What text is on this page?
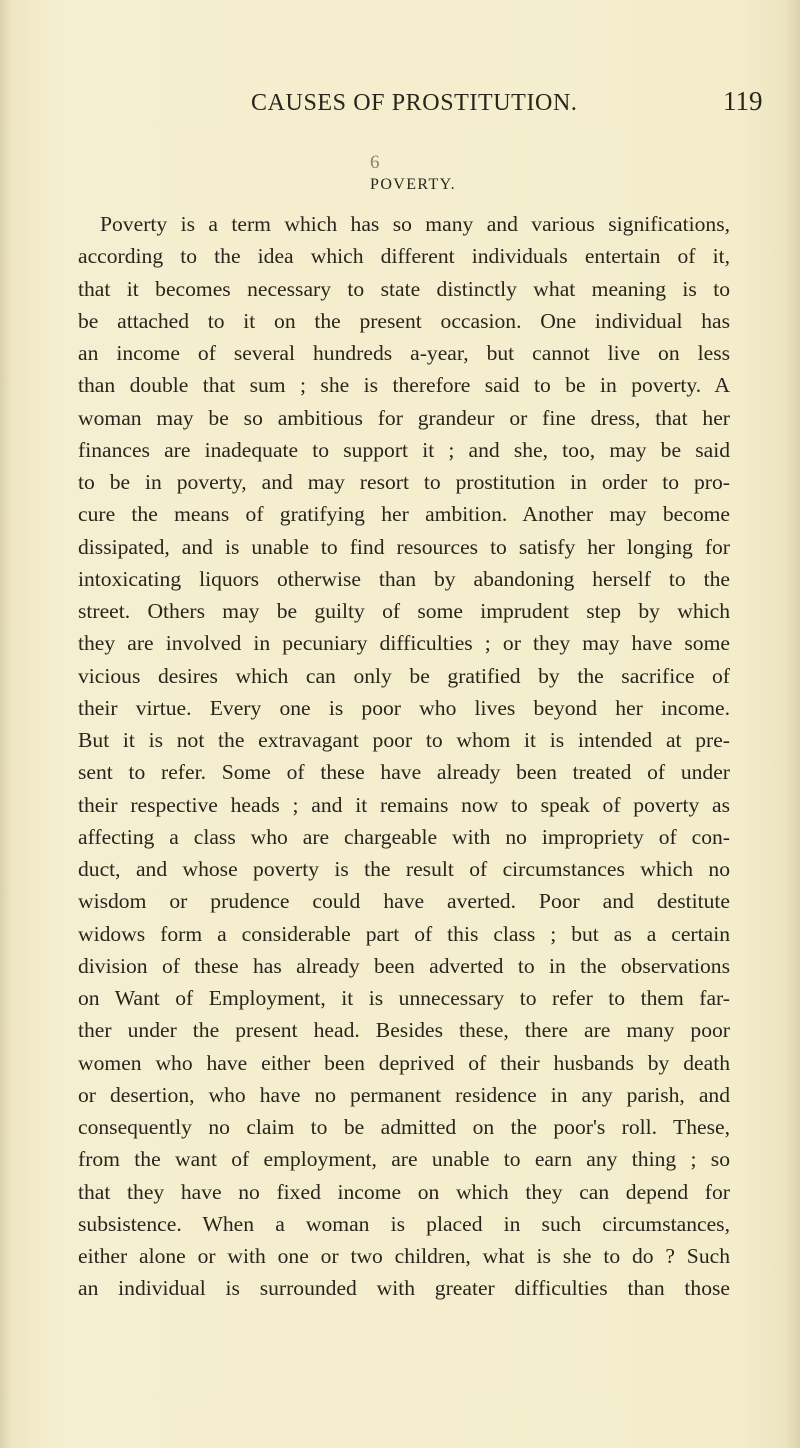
CAUSES OF PROSTITUTION.	119
6
POVERTY.

Poverty is a term which has so many and various significations,
according to the idea which different individuals entertain of it,
that it becomes necessary to state distinctly what meaning is to
be attached to it on the present occasion. One individual has
an income of several hundreds a-year, but cannot live on less
than double that sum ; she is therefore said to be in poverty. A
woman may be so ambitious for grandeur or fine dress, that her
finances are inadequate to support it ; and she, too, may be said
to be in poverty, and may resort to prostitution in order to pro-
cure the means of gratifying her ambition. Another may become
dissipated, and is unable to find resources to satisfy her longing for
intoxicating liquors otherwise than by abandoning herself to the
street. Others may be guilty of some imprudent step by which
they are involved in pecuniary difficulties ; or they may have some
vicious desires which can only be gratified by the sacrifice of
their virtue. Every one is poor who lives beyond her income.
But it is not the extravagant poor to whom it is intended at pre-
sent to refer. Some of these have already been treated of under
their respective heads ; and it remains now to speak of poverty as
affecting a class who are chargeable with no impropriety of con-
duct, and whose poverty is the result of circumstances which no
wisdom or prudence could have averted. Poor and destitute
widows form a considerable part of this class ; but as a certain
division of these has already been adverted to in the observations
on Want of Employment, it is unnecessary to refer to them far-
ther under the present head. Besides these, there are many poor
women who have either been deprived of their husbands by death
or desertion, who have no permanent residence in any parish, and
consequently no claim to be admitted on the poor's roll. These,
from the want of employment, are unable to earn any thing ; so
that they have no fixed income on which they can depend for
subsistence. When a woman is placed in such circumstances,
either alone or with one or two children, what is she to do ? Such
an individual is surrounded with greater difficulties than those
